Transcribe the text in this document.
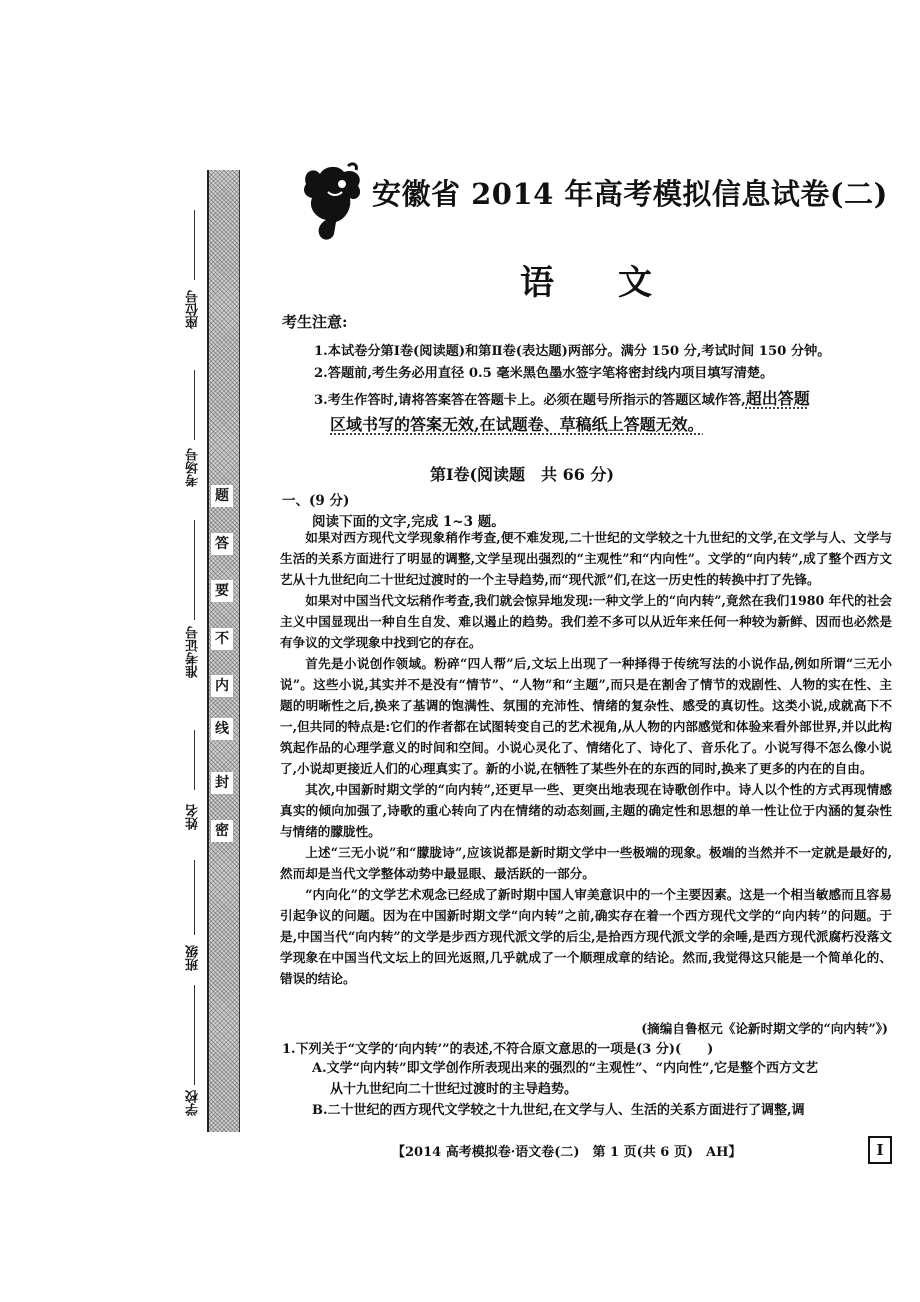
密
封
线
内
不
要
答
题
座位号
考场号
准考证号
姓名
班级
学校
安徽省 2014 年高考模拟信息试卷(二)
语文
考生注意:
1.本试卷分第Ⅰ卷(阅读题)和第Ⅱ卷(表达题)两部分。满分 150 分,考试时间 150 分钟。
2.答题前,考生务必用直径 0.5 毫米黑色墨水签字笔将密封线内项目填写清楚。
3.考生作答时,请将答案答在答题卡上。必须在题号所指示的答题区域作答,超出答题
区域书写的答案无效,在试题卷、草稿纸上答题无效。
第Ⅰ卷(阅读题　共 66 分)
一、(9 分)
阅读下面的文字,完成 1~3 题。

如果对西方现代文学现象稍作考查,便不难发现,二十世纪的文学较之十九世纪的文学,在文学与人、文学与生活的关系方面进行了明显的调整,文学呈现出强烈的“主观性”和“内向性”。文学的“向内转”,成了整个西方文艺从十九世纪向二十世纪过渡时的一个主导趋势,而“现代派”们,在这一历史性的转换中打了先锋。

如果对中国当代文坛稍作考查,我们就会惊异地发现:一种文学上的“向内转”,竟然在我们1980 年代的社会主义中国显现出一种自生自发、难以遏止的趋势。我们差不多可以从近年来任何一种较为新鲜、因而也必然是有争议的文学现象中找到它的存在。

首先是小说创作领域。粉碎“四人帮”后,文坛上出现了一种择得于传统写法的小说作品,例如所谓“三无小说”。这些小说,其实并不是没有“情节”、“人物”和“主题”,而只是在割舍了情节的戏剧性、人物的实在性、主题的明晰性之后,换来了基调的饱满性、氛围的充沛性、情绪的复杂性、感受的真切性。这类小说,成就高下不一,但共同的特点是:它们的作者都在试图转变自己的艺术视角,从人物的内部感觉和体验来看外部世界,并以此构筑起作品的心理学意义的时间和空间。小说心灵化了、情绪化了、诗化了、音乐化了。小说写得不怎么像小说了,小说却更接近人们的心理真实了。新的小说,在牺牲了某些外在的东西的同时,换来了更多的内在的自由。

其次,中国新时期文学的“向内转”,还更早一些、更突出地表现在诗歌创作中。诗人以个性的方式再现情感真实的倾向加强了,诗歌的重心转向了内在情绪的动态刻画,主题的确定性和思想的单一性让位于内涵的复杂性与情绪的朦胧性。

上述“三无小说”和“朦胧诗”,应该说都是新时期文学中一些极端的现象。极端的当然并不一定就是最好的,然而却是当代文学整体动势中最显眼、最活跃的一部分。

“内向化”的文学艺术观念已经成了新时期中国人审美意识中的一个主要因素。这是一个相当敏感而且容易引起争议的问题。因为在中国新时期文学“向内转”之前,确实存在着一个西方现代文学的“向内转”的问题。于是,中国当代“向内转”的文学是步西方现代派文学的后尘,是拾西方现代派文学的余唾,是西方现代派腐朽没落文学现象在中国当代文坛上的回光返照,几乎就成了一个顺理成章的结论。然而,我觉得这只能是一个简单化的、错误的结论。

(摘编自鲁枢元《论新时期文学的“向内转”》)
1.下列关于“文学的‘向内转’”的表述,不符合原文意思的一项是(3 分)(　　)
A.文学“向内转”即文学创作所表现出来的强烈的“主观性”、“内向性”,它是整个西方文艺
从十九世纪向二十世纪过渡时的主导趋势。
B.二十世纪的西方现代文学较之十九世纪,在文学与人、生活的关系方面进行了调整,调
【2014 高考模拟卷·语文卷(二)　第 1 页(共 6 页)　AH】	Ⅰ
